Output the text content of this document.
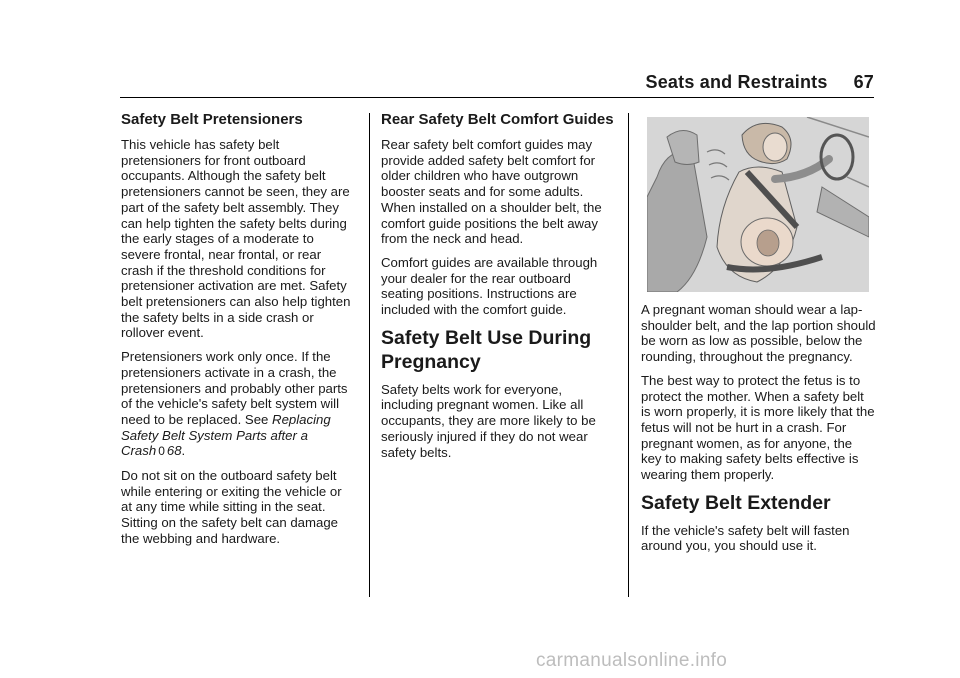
Seats and Restraints 67
Safety Belt Pretensioners

This vehicle has safety belt pretensioners for front outboard occupants. Although the safety belt pretensioners cannot be seen, they are part of the safety belt assembly. They can help tighten the safety belts during the early stages of a moderate to severe frontal, near frontal, or rear crash if the threshold conditions for pretensioner activation are met. Safety belt pretensioners can also help tighten the safety belts in a side crash or rollover event.

Pretensioners work only once. If the pretensioners activate in a crash, the pretensioners and probably other parts of the vehicle's safety belt system will need to be replaced. See Replacing Safety Belt System Parts after a Crash 0 68.

Do not sit on the outboard safety belt while entering or exiting the vehicle or at any time while sitting in the seat. Sitting on the safety belt can damage the webbing and hardware.

Rear Safety Belt Comfort Guides

Rear safety belt comfort guides may provide added safety belt comfort for older children who have outgrown booster seats and for some adults. When installed on a shoulder belt, the comfort guide positions the belt away from the neck and head.

Comfort guides are available through your dealer for the rear outboard seating positions. Instructions are included with the comfort guide.

Safety Belt Use During Pregnancy

Safety belts work for everyone, including pregnant women. Like all occupants, they are more likely to be seriously injured if they do not wear safety belts.

A pregnant woman should wear a lap-shoulder belt, and the lap portion should be worn as low as possible, below the rounding, throughout the pregnancy.

The best way to protect the fetus is to protect the mother. When a safety belt is worn properly, it is more likely that the fetus will not be hurt in a crash. For pregnant women, as for anyone, the key to making safety belts effective is wearing them properly.

Safety Belt Extender

If the vehicle's safety belt will fasten around you, you should use it.

carmanualsonline.info
